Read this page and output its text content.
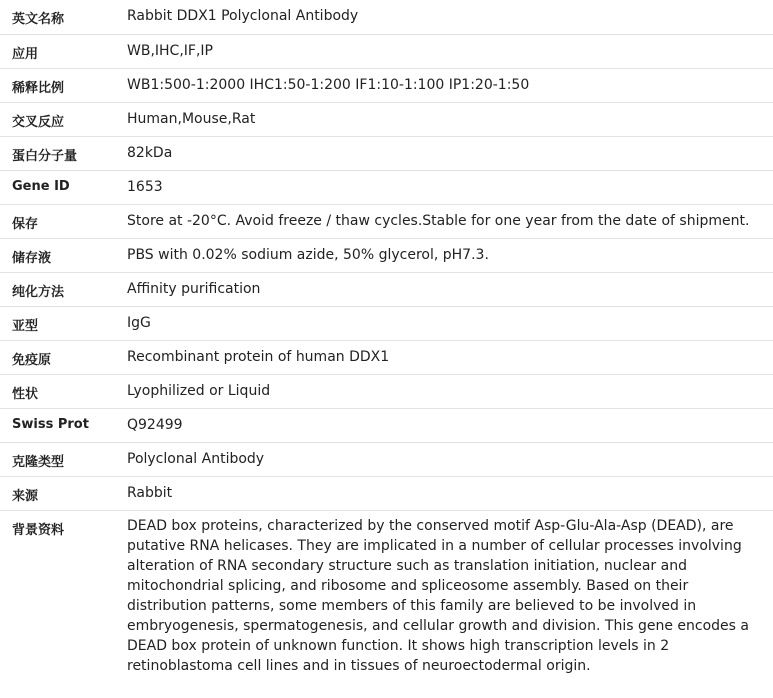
英文名称	Rabbit DDX1 Polyclonal Antibody
应用	WB,IHC,IF,IP
稀释比例	WB1:500-1:2000 IHC1:50-1:200 IF1:10-1:100 IP1:20-1:50
交叉反应	Human,Mouse,Rat
蛋白分子量	82kDa
Gene ID	1653
保存	Store at -20°C. Avoid freeze / thaw cycles.Stable for one year from the date of shipment.
储存液	PBS with 0.02% sodium azide, 50% glycerol, pH7.3.
纯化方法	Affinity purification
亚型	IgG
免疫原	Recombinant protein of human DDX1
性状	Lyophilized or Liquid
Swiss Prot	Q92499
克隆类型	Polyclonal Antibody
来源	Rabbit
背景资料	DEAD box proteins, characterized by the conserved motif Asp-Glu-Ala-Asp (DEAD), are putative RNA helicases. They are implicated in a number of cellular processes involving alteration of RNA secondary structure such as translation initiation, nuclear and mitochondrial splicing, and ribosome and spliceosome assembly. Based on their distribution patterns, some members of this family are believed to be involved in embryogenesis, spermatogenesis, and cellular growth and division. This gene encodes a DEAD box protein of unknown function. It shows high transcription levels in 2 retinoblastoma cell lines and in tissues of neuroectodermal origin.
